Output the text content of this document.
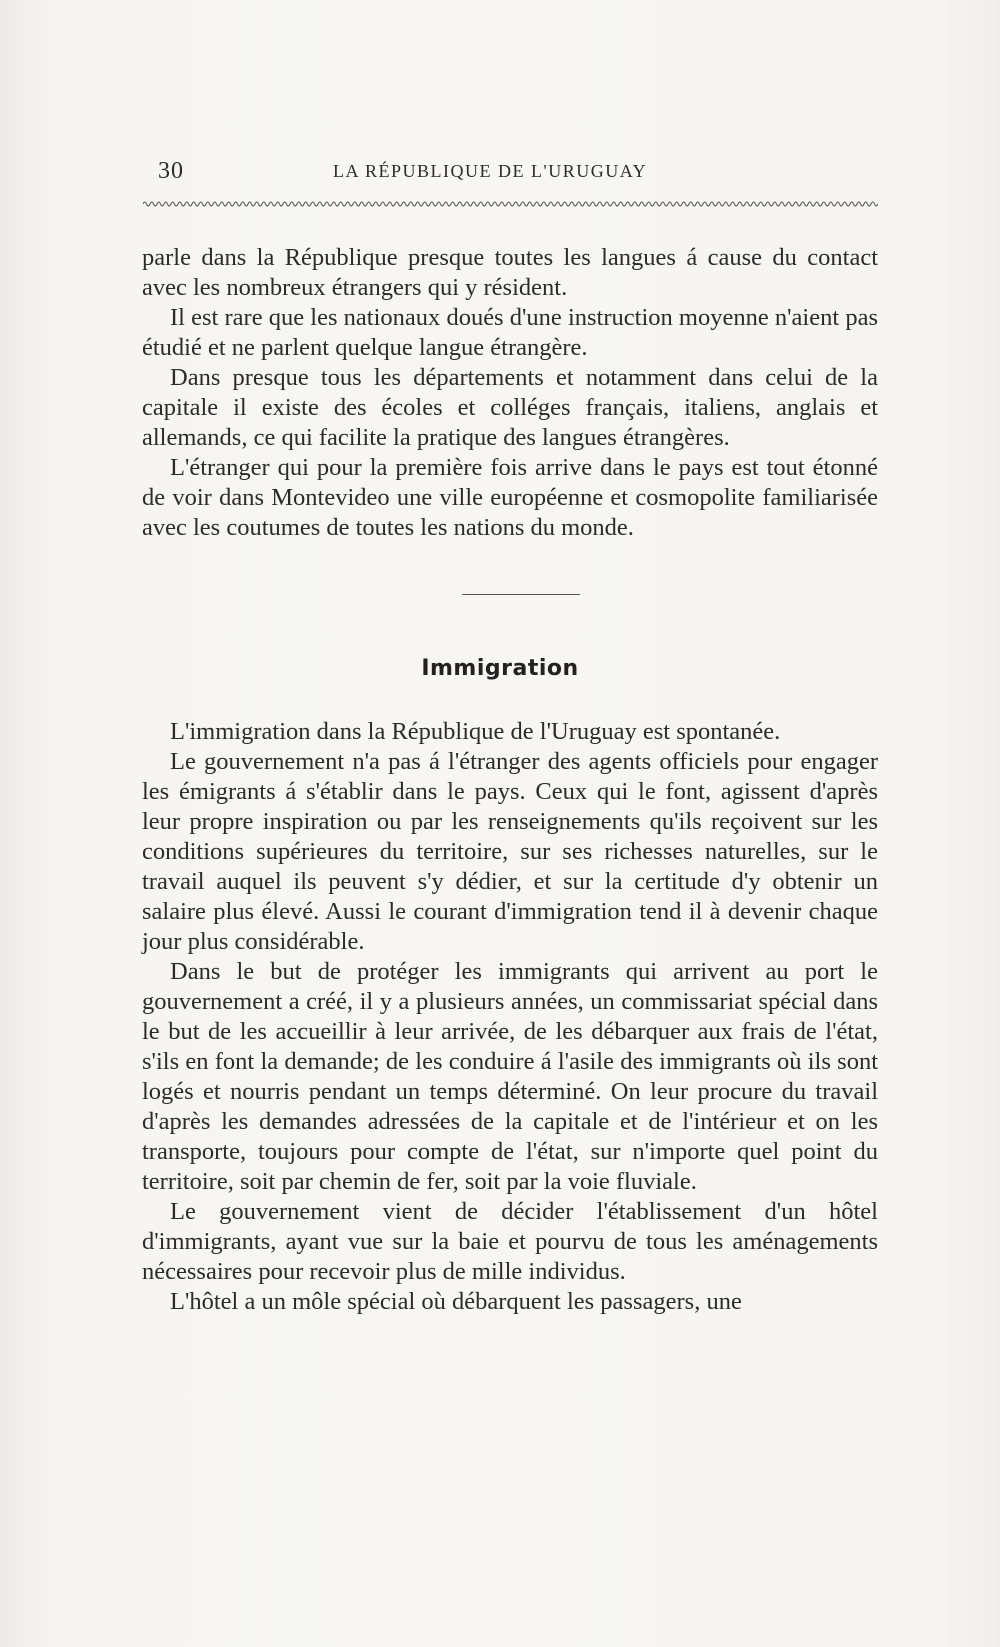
30	LA RÉPUBLIQUE DE L'URUGUAY

parle dans la République presque toutes les langues á cause du contact avec les nombreux étrangers qui y résident.

Il est rare que les nationaux doués d'une instruction moyenne n'aient pas étudié et ne parlent quelque langue étrangère.

Dans presque tous les départements et notamment dans celui de la capitale il existe des écoles et colléges français, italiens, anglais et allemands, ce qui facilite la pratique des langues étrangères.

L'étranger qui pour la première fois arrive dans le pays est tout étonné de voir dans Montevideo une ville européenne et cosmopolite familiarisée avec les coutumes de toutes les nations du monde.

Immigration

L'immigration dans la République de l'Uruguay est spontanée.

Le gouvernement n'a pas á l'étranger des agents officiels pour engager les émigrants á s'établir dans le pays. Ceux qui le font, agissent d'après leur propre inspiration ou par les renseignements qu'ils reçoivent sur les conditions supérieures du territoire, sur ses richesses naturelles, sur le travail auquel ils peuvent s'y dédier, et sur la certitude d'y obtenir un salaire plus élevé. Aussi le courant d'immigration tend il à devenir chaque jour plus considérable.

Dans le but de protéger les immigrants qui arrivent au port le gouvernement a créé, il y a plusieurs années, un commissariat spécial dans le but de les accueillir à leur arrivée, de les débarquer aux frais de l'état, s'ils en font la demande; de les conduire á l'asile des immigrants où ils sont logés et nourris pendant un temps déterminé. On leur procure du travail d'après les demandes adressées de la capitale et de l'intérieur et on les transporte, toujours pour compte de l'état, sur n'importe quel point du territoire, soit par chemin de fer, soit par la voie fluviale.

Le gouvernement vient de décider l'établissement d'un hôtel d'immigrants, ayant vue sur la baie et pourvu de tous les aménagements nécessaires pour recevoir plus de mille individus.

L'hôtel a un môle spécial où débarquent les passagers, une
